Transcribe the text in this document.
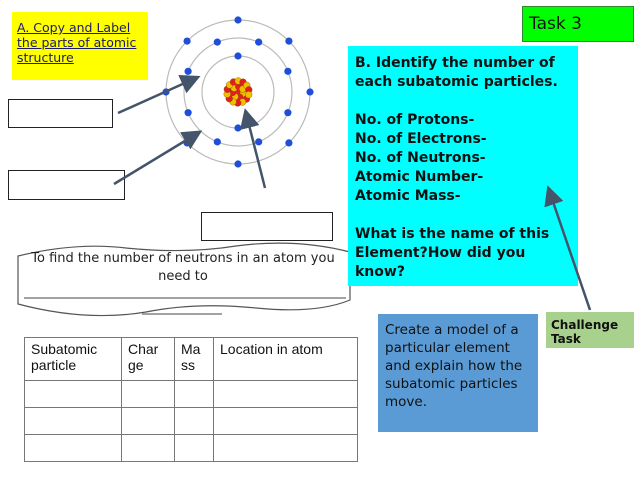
A. Copy and Label the parts of atomic structure
Task 3
To find the number of neutrons in an atom you need to

B. Identify the number of each subatomic particles.

No. of Protons-

No. of Electrons-

No. of Neutrons-

Atomic Number-

Atomic Mass-

What is the name of this Element?How did you know?

Challenge Task
Create a model of a particular element and explain how the subatomic particles move.
Subatomic particle	Char ge	Ma ss	Location in atom
